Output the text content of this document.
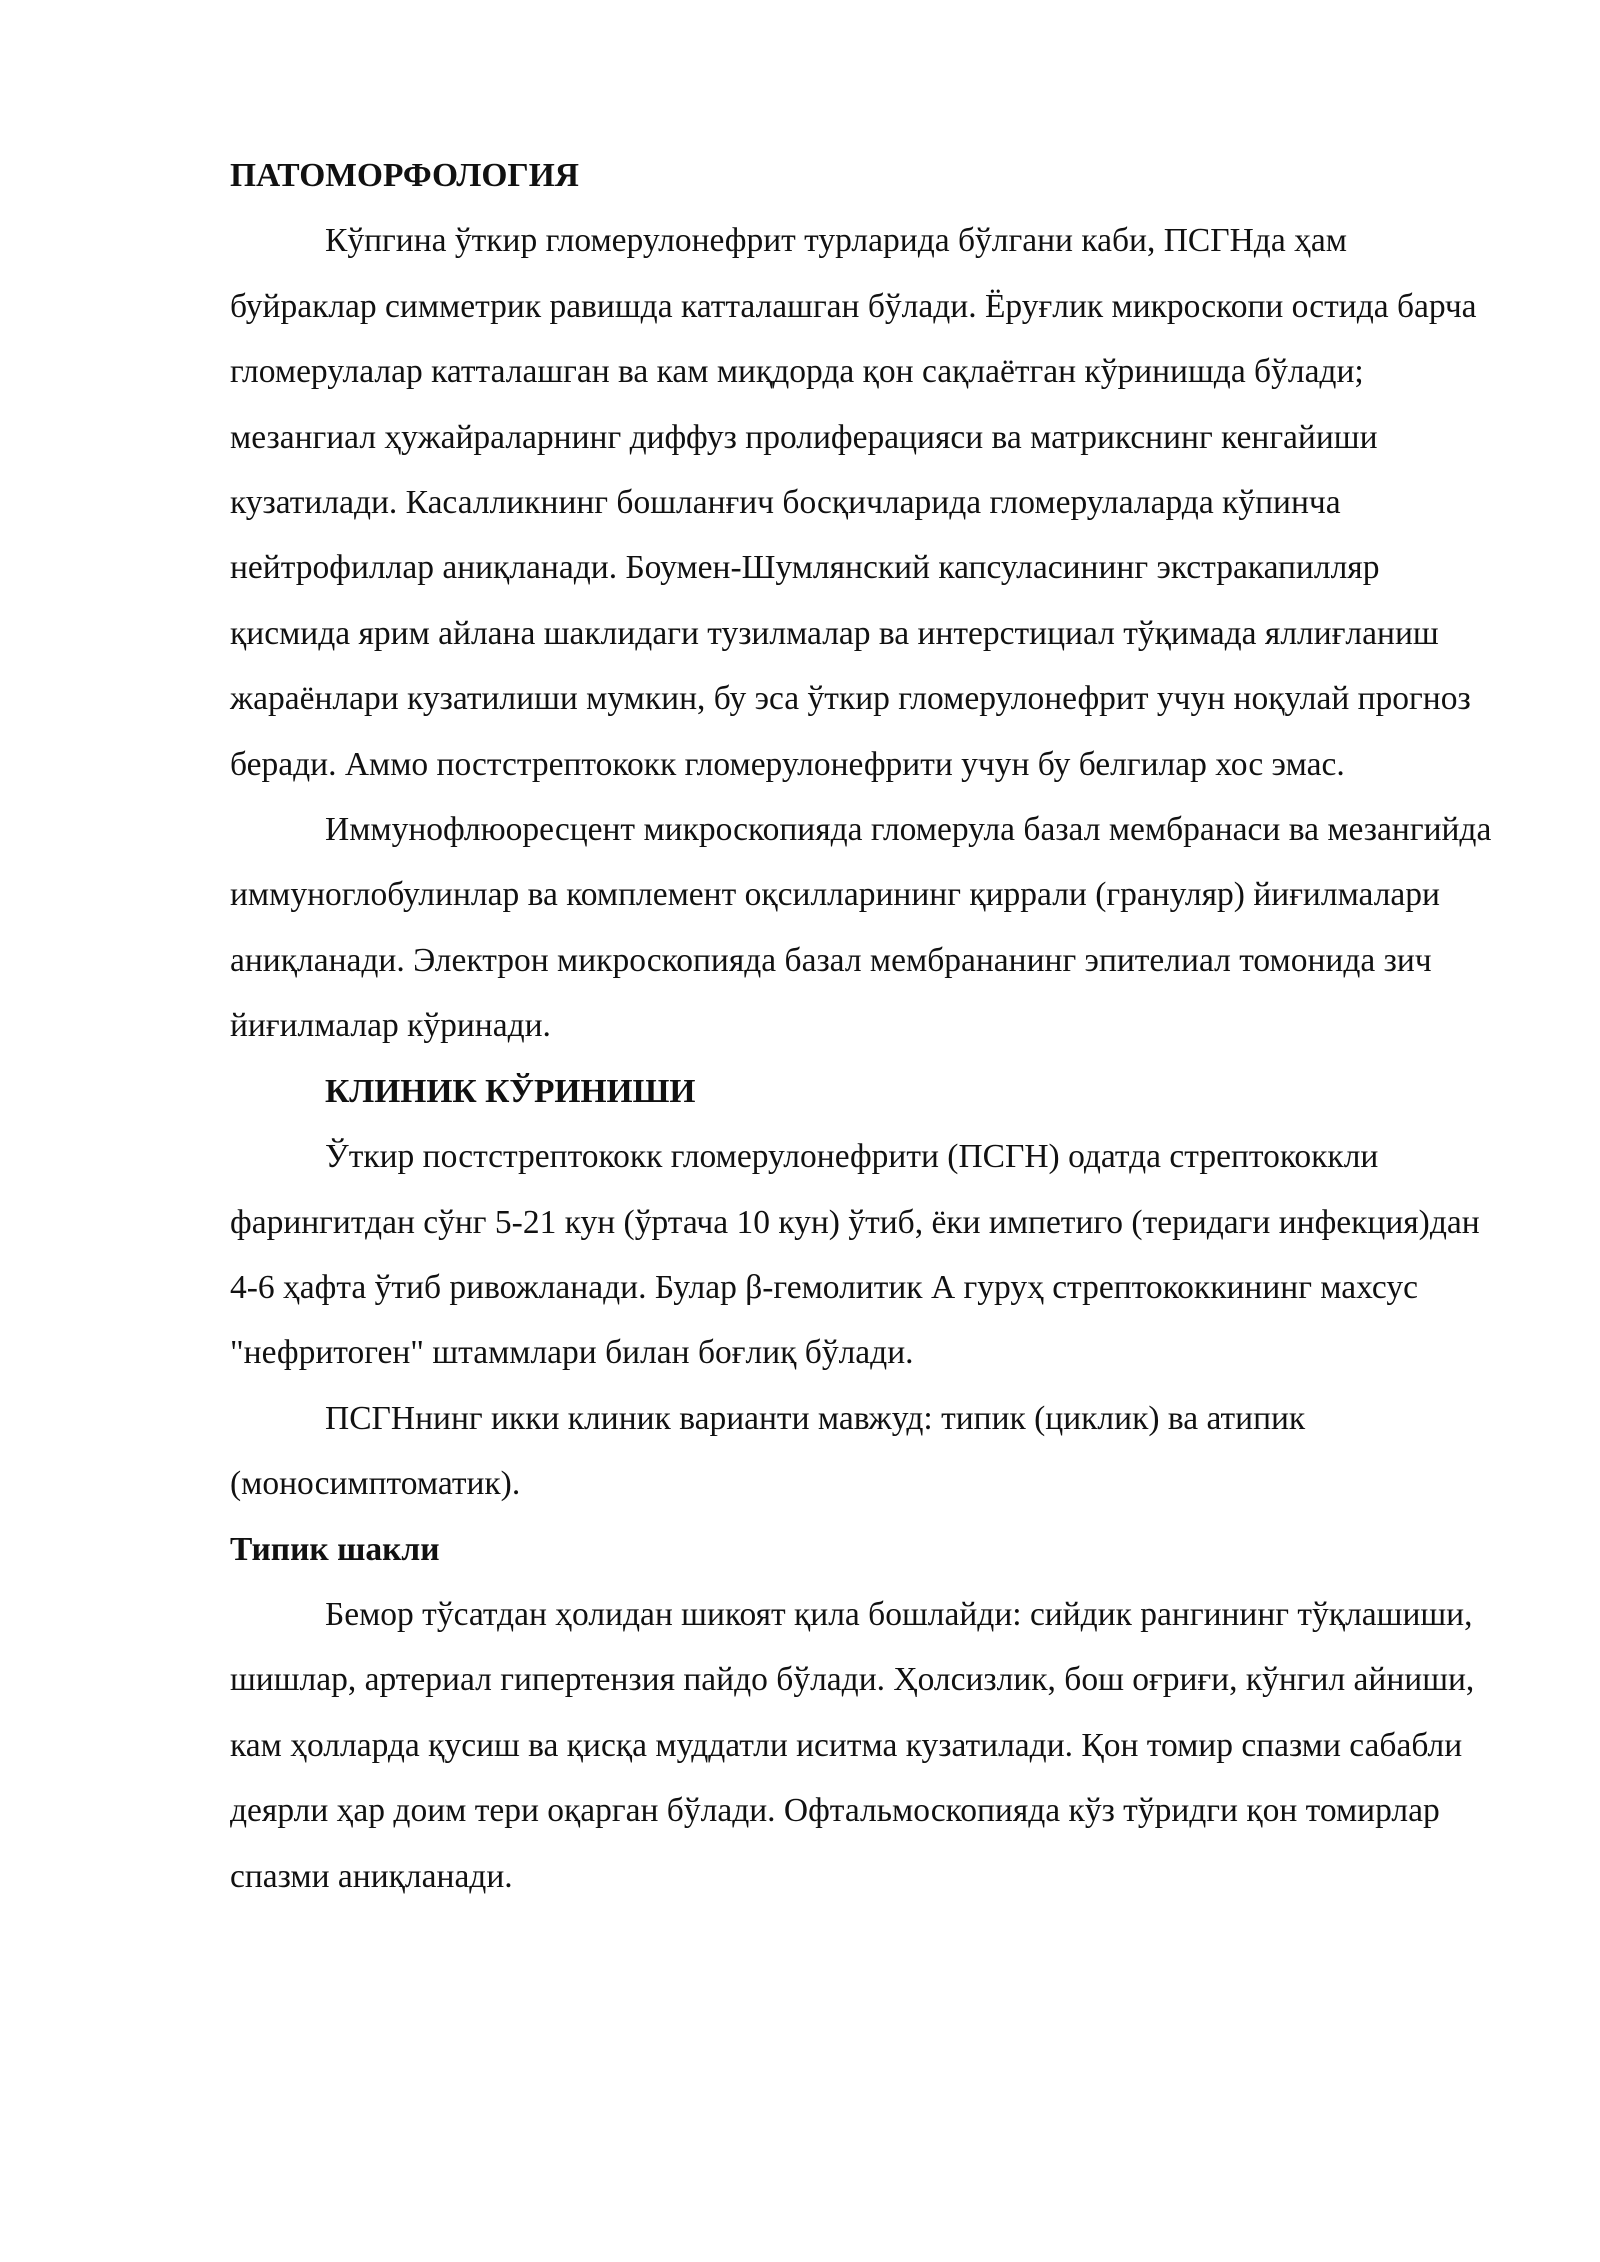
ПАТОМОРФОЛОГИЯ

Кўпгина ўткир гломерулонефрит турларида бўлгани каби, ПСГНда ҳам буйраклар симметрик равишда катталашган бўлади. Ёруғлик микроскопи остида барча гломерулалар катталашган ва кам миқдорда қон сақлаётган кўринишда бўлади; мезангиал ҳужайраларнинг диффуз пролиферацияси ва матрикснинг кенгайиши кузатилади. Касалликнинг бошланғич босқичларида гломерулаларда кўпинча нейтрофиллар аниқланади. Боумен-Шумлянский капсуласининг экстракапилляр қисмида ярим айлана шаклидаги тузилмалар ва интерстициал тўқимада яллиғланиш жараёнлари кузатилиши мумкин, бу эса ўткир гломерулонефрит учун ноқулай прогноз беради. Аммо постстрептококк гломерулонефрити учун бу белгилар хос эмас.

Иммунофлюоресцент микроскопияда гломерула базал мембранаси ва мезангийда иммуноглобулинлар ва комплемент оқсилларининг қиррали (грануляр) йиғилмалари аниқланади. Электрон микроскопияда базал мембрананинг эпителиал томонида зич йиғилмалар кўринади.

КЛИНИК КЎРИНИШИ

Ўткир постстрептококк гломерулонефрити (ПСГН) одатда стрептококкли фарингитдан сўнг 5-21 кун (ўртача 10 кун) ўтиб, ёки импетиго (теридаги инфекция)дан 4-6 ҳафта ўтиб ривожланади. Булар β-гемолитик А гуруҳ стрептококкининг махсус "нефритоген" штаммлари билан боғлиқ бўлади.

ПСГНнинг икки клиник варианти мавжуд: типик (циклик) ва атипик (моносимптоматик).

Типик шакли

Бемор тўсатдан ҳолидан шикоят қила бошлайди: сийдик рангининг тўқлашиши, шишлар, артериал гипертензия пайдо бўлади. Ҳолсизлик, бош оғриғи, кўнгил айниши, кам ҳолларда қусиш ва қисқа муддатли иситма кузатилади. Қон томир спазми сабабли деярли ҳар доим тери оқарган бўлади. Офтальмоскопияда кўз тўридги қон томирлар спазми аниқланади.
